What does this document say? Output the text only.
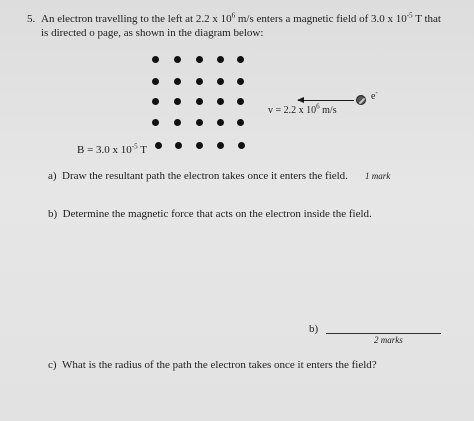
5. An electron travelling to the left at 2.2 x $10^6$ m/s enters a magnetic field of 3.0 x $10^{-5}$ T that
is directed o page, as shown in the diagram below:
B = 3.0 x $10^{-5}$ T
e-
v = 2.2 x $10^6$ m/s
a) Draw the resultant path the electron takes once it enters the field. 1 mark
b) Determine the magnetic force that acts on the electron inside the field.
b)
2 marks
c) What is the radius of the path the electron takes once it enters the field?
